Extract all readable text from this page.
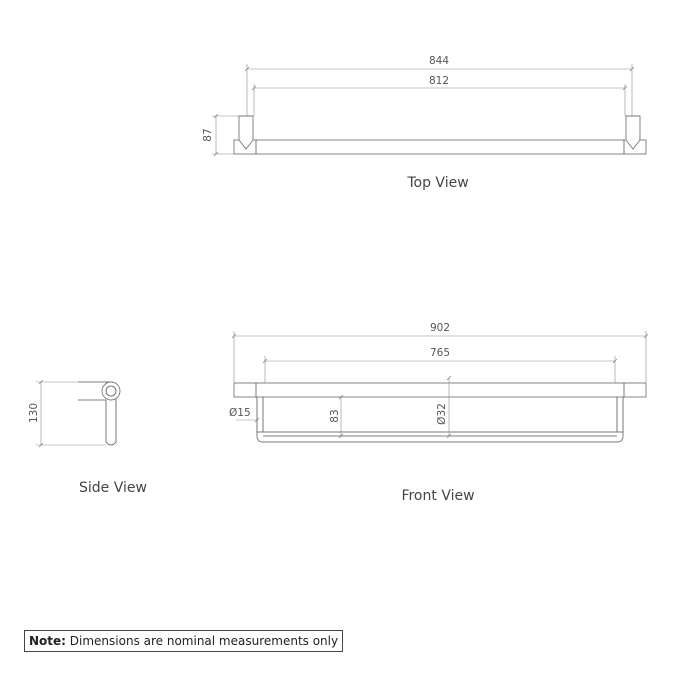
844
812
87
Top View
130
Side View
902
765
Ø15	83	Ø32
Front View
Note: Dimensions are nominal measurements only
